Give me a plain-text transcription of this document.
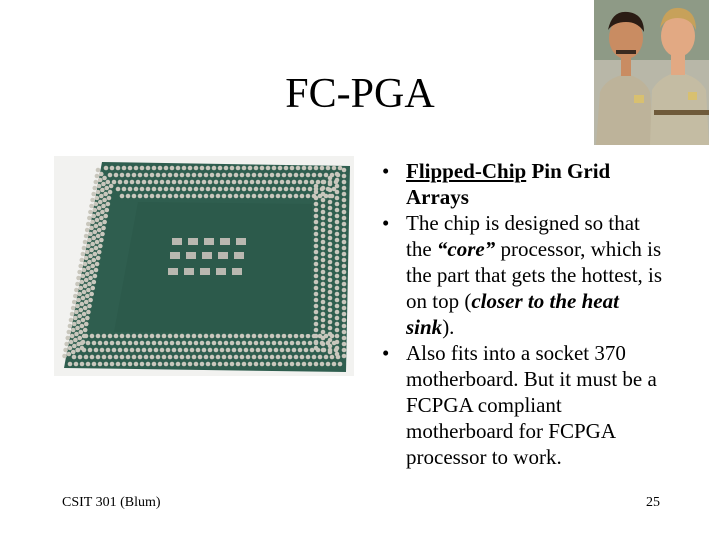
FC-PGA
• Flipped-Chip Pin Grid Arrays
• The chip is designed so that the “core” processor, which is the part that gets the hottest, is on top (closer to the heat sink).
• Also fits into a socket 370 motherboard. But it must be a FCPGA compliant motherboard for FCPGA processor to work.
CSIT 301 (Blum)	25
